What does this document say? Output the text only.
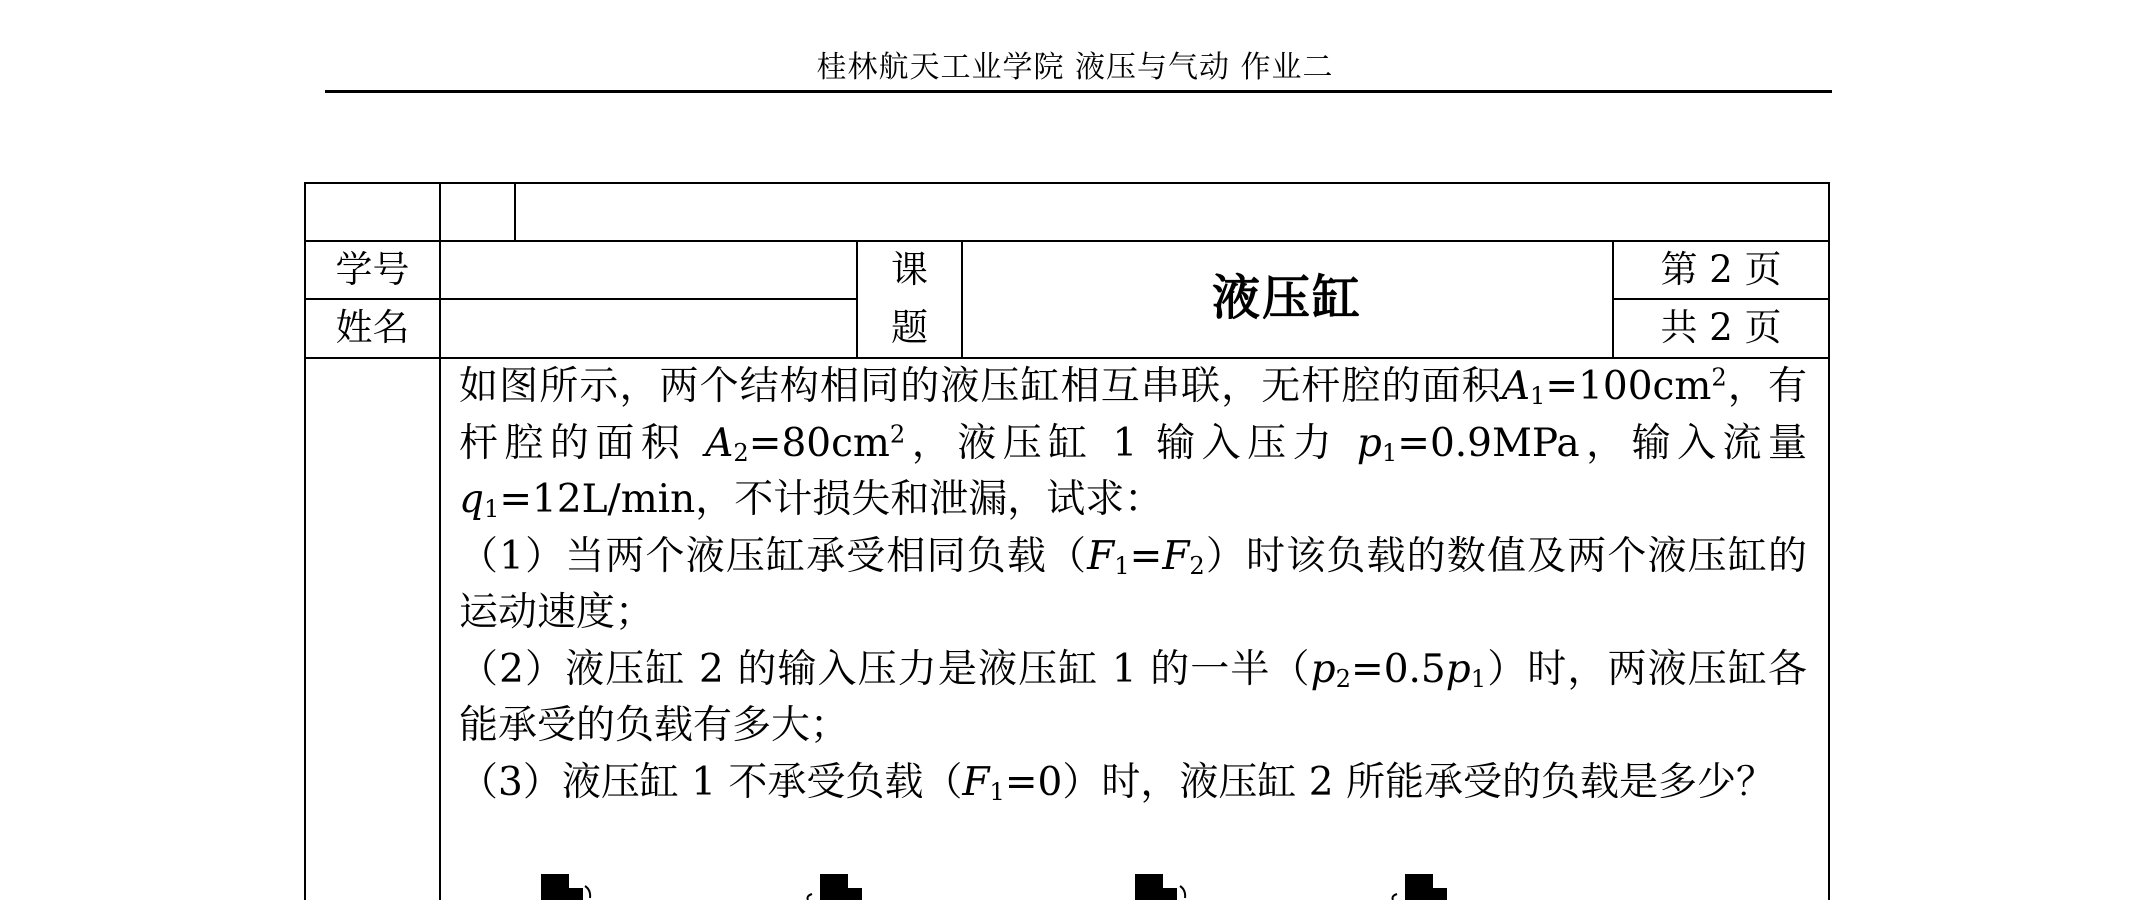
桂林航天工业学院 液压与气动 作业二
学号
姓名
课
题
液压缸
第 2 页
共 2 页

如图所示，两个结构相同的液压缸相互串联，无杆腔的面积$A_1=100cm^2$，有杆腔的面积 $A_2=80cm^2$，液压缸 1 输入压力 $p_1=0.9MPa$，输入流量 $q_1=12L/\min$，不计损失和泄漏，试求：

（1）当两个液压缸承受相同负载$(F_1=F_2)$时该负载的数值及两个液压缸的运动速度；

（2）液压缸 2 的输入压力是液压缸 1 的一半$(p_2=0.5p_1)$时，两液压缸各能承受的负载有多大；

（3）液压缸 1 不承受负载$(F_1=0)$时，液压缸 2 所能承受的负载是多少？
